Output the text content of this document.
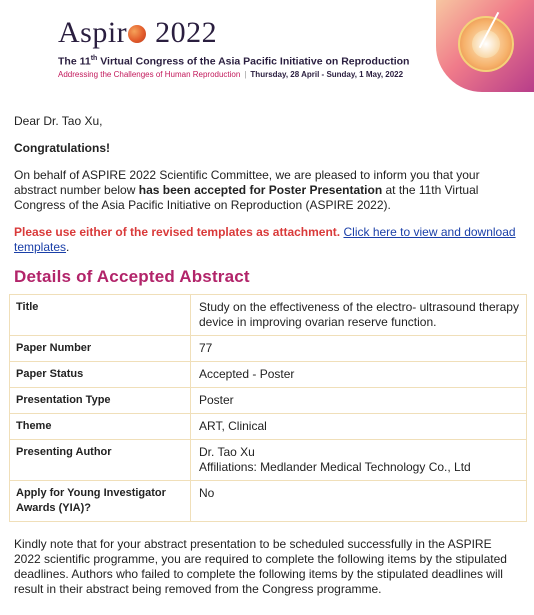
Aspir 2022
The 11th Virtual Congress of the Asia Pacific Initiative on Reproduction
Addressing the Challenges of Human Reproduction | Thursday, 28 April - Sunday, 1 May, 2022

Dear Dr. Tao Xu,

Congratulations!

On behalf of ASPIRE 2022 Scientific Committee, we are pleased to inform you that your abstract number below has been accepted for Poster Presentation at the 11th Virtual Congress of the Asia Pacific Initiative on Reproduction (ASPIRE 2022).

Please use either of the revised templates as attachment. Click here to view and download templates.

Details of Accepted Abstract
Title	Study on the effectiveness of the electro- ultrasound therapy device in improving ovarian reserve function.
Paper Number	77
Paper Status	Accepted - Poster
Presentation Type	Poster
Theme	ART, Clinical
Presenting Author	Dr. Tao Xu
Affiliations: Medlander Medical Technology Co., Ltd

Apply for Young Investigator Awards (YIA)?	No
Kindly note that for your abstract presentation to be scheduled successfully in the ASPIRE 2022 scientific programme, you are required to complete the following items by the stipulated deadlines. Authors who failed to complete the following items by the stipulated deadlines will result in their abstract being removed from the Congress programme.
